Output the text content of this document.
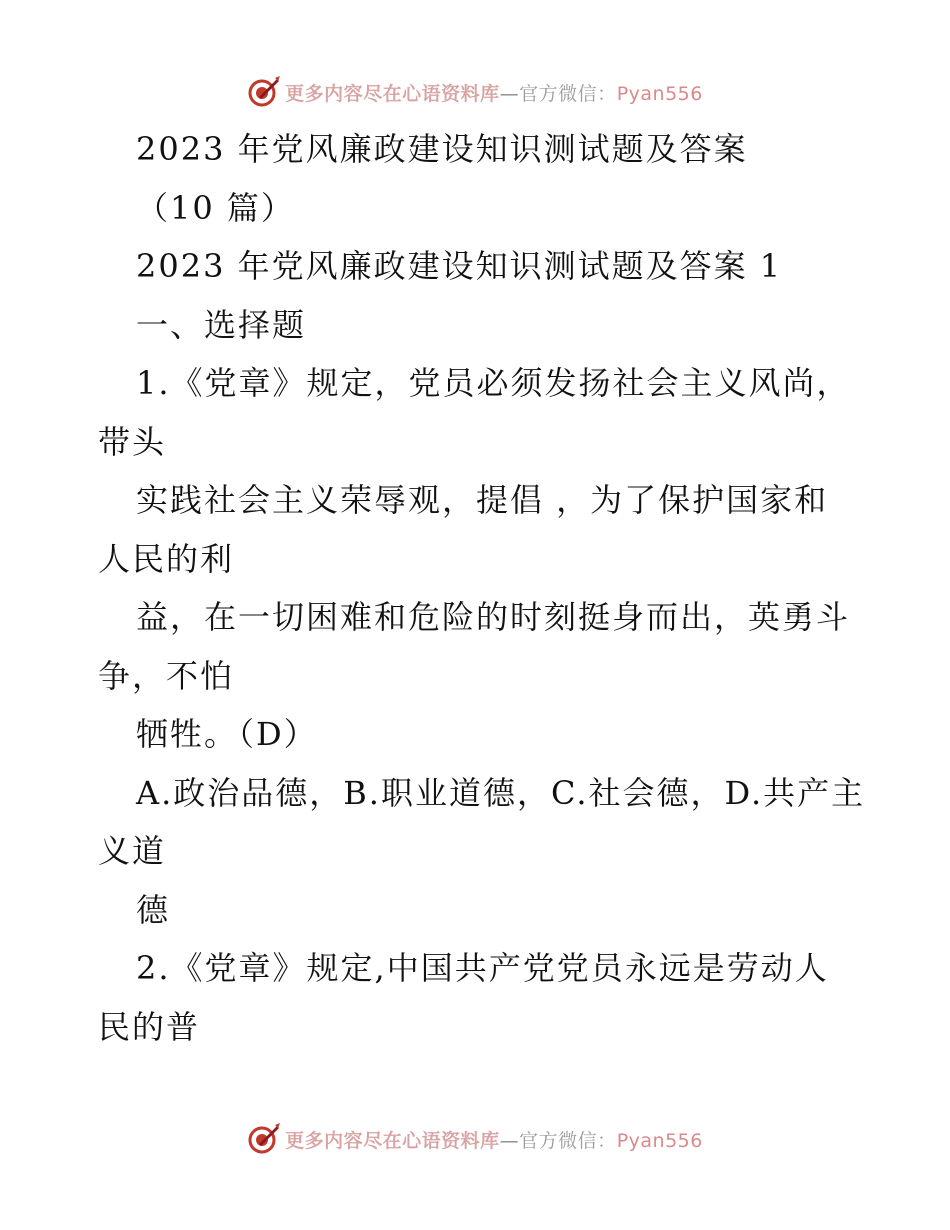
更多内容尽在心语资料库—官方微信：Pyan556
2023 年党风廉政建设知识测试题及答案
（10 篇）
2023 年党风廉政建设知识测试题及答案 1
一、选择题
1.《党章》规定，党员必须发扬社会主义风尚，
带头
实践社会主义荣辱观，提倡 ，为了保护国家和
人民的利
益，在一切困难和危险的时刻挺身而出，英勇斗
争，不怕
牺牲。（D）
A.政治品德，B.职业道德，C.社会德，D.共产主
义道
德
2.《党章》规定,中国共产党党员永远是劳动人
民的普
更多内容尽在心语资料库—官方微信：Pyan556
